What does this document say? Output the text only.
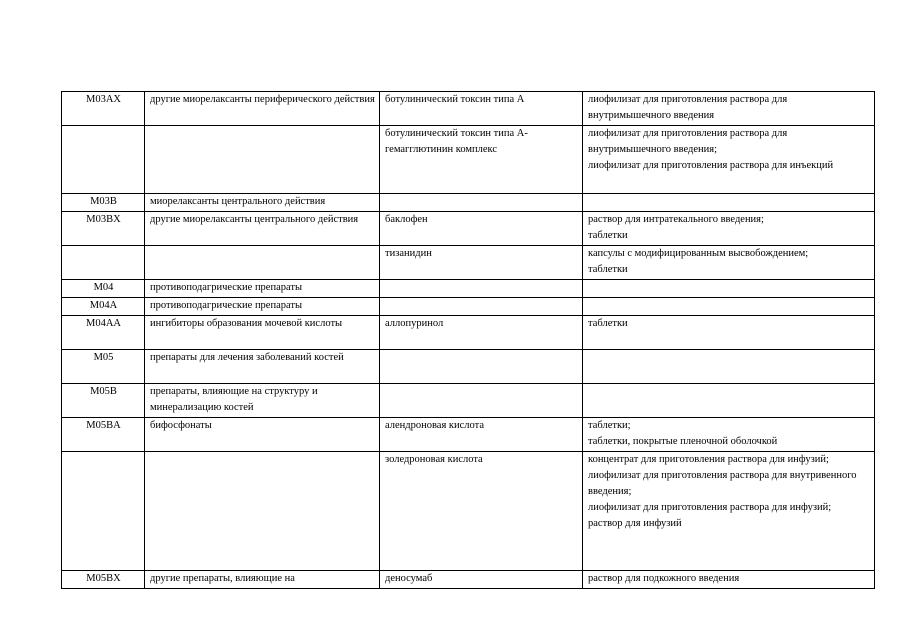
M03AX	другие миорелаксанты периферического действия	ботулинический токсин типа A	лиофилизат для приготовления раствора для внутримышечного введения

		ботулинический токсин типа A-гемагглютинин комплекс	лиофилизат для приготовления раствора для внутримышечного введения;
лиофилизат для приготовления раствора для инъекций

M03B	миорелаксанты центрального действия		
M03BX	другие миорелаксанты центрального действия	баклофен	раствор для интратекального введения;
таблетки

		тизанидин	капсулы с модифицированным высвобождением;
таблетки

M04	противоподагрические препараты		
M04A	противоподагрические препараты		
M04AA	ингибиторы образования мочевой кислоты	аллопуринол	таблетки

M05	препараты для лечения заболеваний костей		
M05B	препараты, влияющие на структуру и минерализацию костей		
M05BA	бифосфонаты	алендроновая кислота	таблетки;
таблетки, покрытые пленочной оболочкой

		золедроновая кислота	концентрат для приготовления раствора для инфузий;
лиофилизат для приготовления раствора для внутривенного введения;
лиофилизат для приготовления раствора для инфузий;
раствор для инфузий

M05BX	другие препараты, влияющие на	деносумаб	раствор для подкожного введения
